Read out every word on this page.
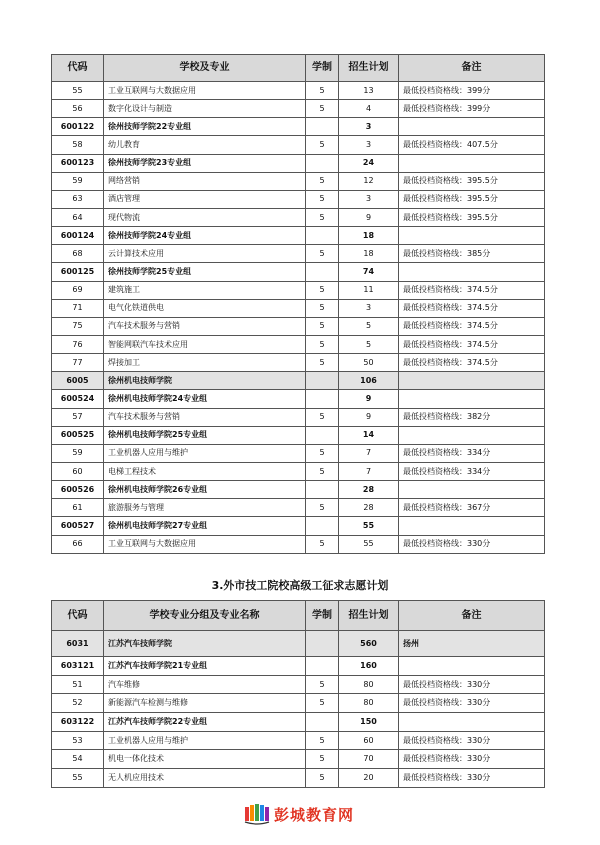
代码	学校及专业	学制	招生计划	备注
55	工业互联网与大数据应用	5	13	最低投档资格线：399分
56	数字化设计与制造	5	4	最低投档资格线：399分
600122	徐州技师学院22专业组		3	
58	幼儿教育	5	3	最低投档资格线：407.5分
600123	徐州技师学院23专业组		24	
59	网络营销	5	12	最低投档资格线：395.5分
63	酒店管理	5	3	最低投档资格线：395.5分
64	现代物流	5	9	最低投档资格线：395.5分
600124	徐州技师学院24专业组		18	
68	云计算技术应用	5	18	最低投档资格线：385分
600125	徐州技师学院25专业组		74	
69	建筑施工	5	11	最低投档资格线：374.5分
71	电气化铁道供电	5	3	最低投档资格线：374.5分
75	汽车技术服务与营销	5	5	最低投档资格线：374.5分
76	智能网联汽车技术应用	5	5	最低投档资格线：374.5分
77	焊接加工	5	50	最低投档资格线：374.5分
6005	徐州机电技师学院		106	
600524	徐州机电技师学院24专业组		9	
57	汽车技术服务与营销	5	9	最低投档资格线：382分
600525	徐州机电技师学院25专业组		14	
59	工业机器人应用与维护	5	7	最低投档资格线：334分
60	电梯工程技术	5	7	最低投档资格线：334分
600526	徐州机电技师学院26专业组		28	
61	旅游服务与管理	5	28	最低投档资格线：367分
600527	徐州机电技师学院27专业组		55	
66	工业互联网与大数据应用	5	55	最低投档资格线：330分
3.外市技工院校高级工征求志愿计划
代码	学校专业分组及专业名称	学制	招生计划	备注
6031	江苏汽车技师学院		560	扬州
603121	江苏汽车技师学院21专业组		160	
51	汽车维修	5	80	最低投档资格线：330分
52	新能源汽车检测与维修	5	80	最低投档资格线：330分
603122	江苏汽车技师学院22专业组		150	
53	工业机器人应用与维护	5	60	最低投档资格线：330分
54	机电一体化技术	5	70	最低投档资格线：330分
55	无人机应用技术	5	20	最低投档资格线：330分
彭城教育网
